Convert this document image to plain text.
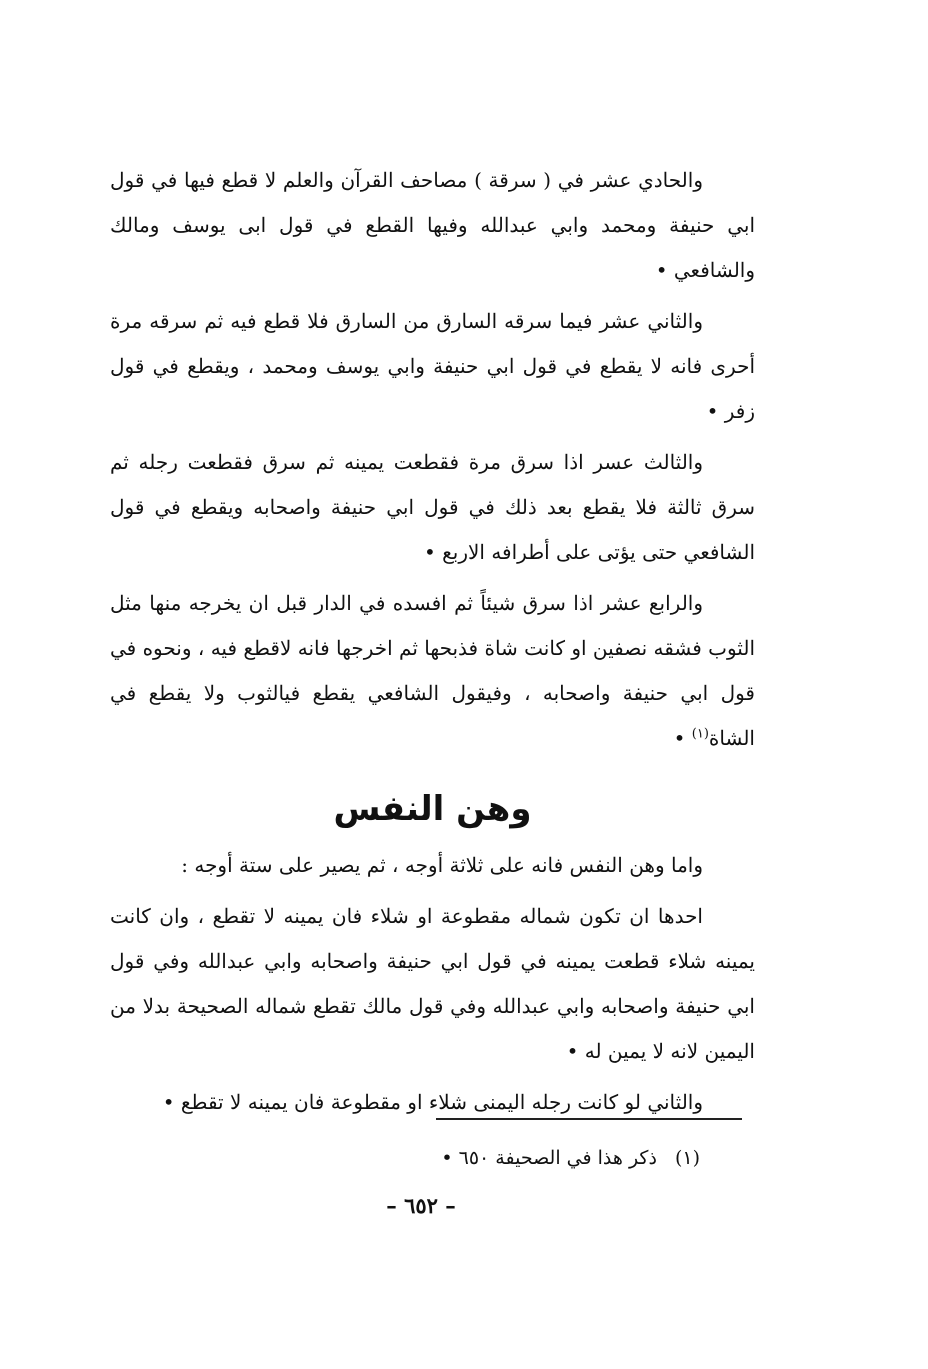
والحادي عشر في ( سرقة ) مصاحف القرآن والعلم لا قطع فيها في قول ابي حنيفة ومحمد وابي عبدالله وفيها القطع في قول ابى يوسف ومالك والشافعي •

والثاني عشر فيما سرقه السارق من السارق فلا قطع فيه ثم سرقه مرة أحرى فانه لا يقطع في قول ابي حنيفة وابي يوسف ومحمد ، ويقطع في قول زفر •

والثالث عسر اذا سرق مرة فقطعت يمينه ثم سرق فقطعت رجله ثم سرق ثالثة فلا يقطع بعد ذلك في قول ابي حنيفة واصحابه ويقطع في قول الشافعي حتى يؤتى على أطرافه الاربع •

والرابع عشر اذا سرق شيئاً ثم افسده في الدار قبل ان يخرجه منها مثل الثوب فشقه نصفين او كانت شاة فذبحها ثم اخرجها فانه لاقطع فيه ، ونحوه في قول ابي حنيفة واصحابه ، وفيقول الشافعي يقطع فيالثوب ولا يقطع في الشاة$^{(١)}$ •

وهن النفس

واما وهن النفس فانه على ثلاثة أوجه ، ثم يصير على ستة أوجه :

احدها ان تكون شماله مقطوعة او شلاء فان يمينه لا تقطع ، وان كانت يمينه شلاء قطعت يمينه في قول ابي حنيفة واصحابه وابي عبدالله وفي قول ابي حنيفة واصحابه وابي عبدالله وفي قول مالك تقطع شماله الصحيحة بدلا من اليمين لانه لا يمين له •

والثاني لو كانت رجله اليمنى شلاء او مقطوعة فان يمينه لا تقطع •

(١)ذكر هذا في الصحيفة ٦٥٠ •
– ٦٥٢ –
